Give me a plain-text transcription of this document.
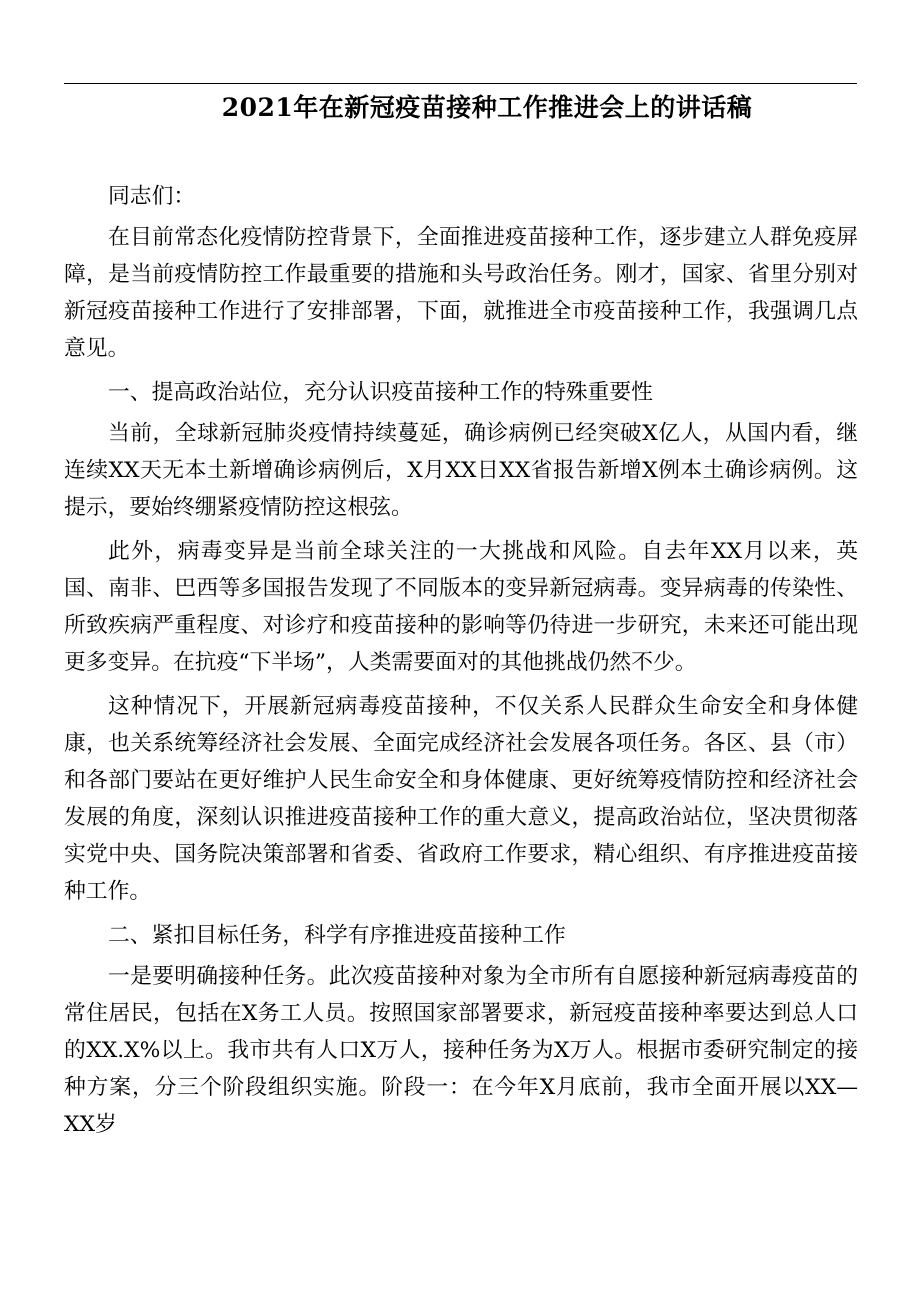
2021年在新冠疫苗接种工作推进会上的讲话稿

同志们：

在目前常态化疫情防控背景下，全面推进疫苗接种工作，逐步建立人群免疫屏障，是当前疫情防控工作最重要的措施和头号政治任务。刚才，国家、省里分别对新冠疫苗接种工作进行了安排部署，下面，就推进全市疫苗接种工作，我强调几点意见。

一、提高政治站位，充分认识疫苗接种工作的特殊重要性

当前，全球新冠肺炎疫情持续蔓延，确诊病例已经突破X亿人，从国内看，继连续XX天无本土新增确诊病例后，X月XX日XX省报告新增X例本土确诊病例。这提示，要始终绷紧疫情防控这根弦。

此外，病毒变异是当前全球关注的一大挑战和风险。自去年XX月以来，英国、南非、巴西等多国报告发现了不同版本的变异新冠病毒。变异病毒的传染性、所致疾病严重程度、对诊疗和疫苗接种的影响等仍待进一步研究，未来还可能出现更多变异。在抗疫“下半场”，人类需要面对的其他挑战仍然不少。

这种情况下，开展新冠病毒疫苗接种，不仅关系人民群众生命安全和身体健康，也关系统筹经济社会发展、全面完成经济社会发展各项任务。各区、县（市）和各部门要站在更好维护人民生命安全和身体健康、更好统筹疫情防控和经济社会发展的角度，深刻认识推进疫苗接种工作的重大意义，提高政治站位，坚决贯彻落实党中央、国务院决策部署和省委、省政府工作要求，精心组织、有序推进疫苗接种工作。

二、紧扣目标任务，科学有序推进疫苗接种工作

一是要明确接种任务。此次疫苗接种对象为全市所有自愿接种新冠病毒疫苗的常住居民，包括在X务工人员。按照国家部署要求，新冠疫苗接种率要达到总人口的XX.X%以上。我市共有人口X万人，接种任务为X万人。根据市委研究制定的接种方案，分三个阶段组织实施。阶段一：在今年X月底前，我市全面开展以XX—XX岁
